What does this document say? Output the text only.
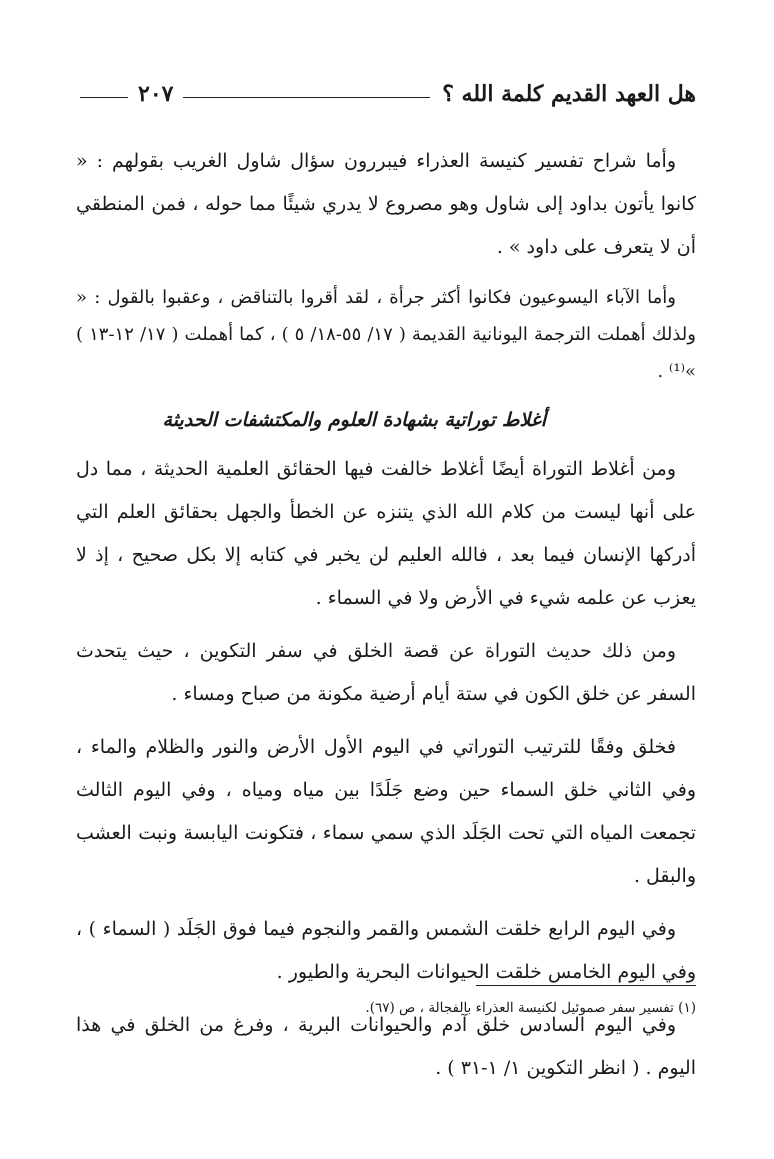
هل العهد القديم كلمة الله ؟
٢٠٧

وأما شراح تفسير كنيسة العذراء فيبررون سؤال شاول الغريب بقولهم : « كانوا يأتون بداود إلى شاول وهو مصروع لا يدري شيئًا مما حوله ، فمن المنطقي أن لا يتعرف على داود » .

وأما الآباء اليسوعيون فكانوا أكثر جرأة ، لقد أقروا بالتناقض ، وعقبوا بالقول : « ولذلك أهملت الترجمة اليونانية القديمة ( ١٧/ ٥٥-١٨/ ٥ ) ، كما أهملت ( ١٧/ ١٢-١٣ ) »⁽¹⁾ .

أغلاط توراتية بشهادة العلوم والمكتشفات الحديثة

ومن أغلاط التوراة أيضًا أغلاط خالفت فيها الحقائق العلمية الحديثة ، مما دل على أنها ليست من كلام الله الذي يتنزه عن الخطأ والجهل بحقائق العلم التي أدركها الإنسان فيما بعد ، فالله العليم لن يخبر في كتابه إلا بكل صحيح ، إذ لا يعزب عن علمه شيء في الأرض ولا في السماء .

ومن ذلك حديث التوراة عن قصة الخلق في سفر التكوين ، حيث يتحدث السفر عن خلق الكون في ستة أيام أرضية مكونة من صباح ومساء .

فخلق وفقًا للترتيب التوراتي في اليوم الأول الأرض والنور والظلام والماء ، وفي الثاني خلق السماء حين وضع جَلَدًا بين مياه ومياه ، وفي اليوم الثالث تجمعت المياه التي تحت الجَلَد الذي سمي سماء ، فتكونت اليابسة ونبت العشب والبقل .

وفي اليوم الرابع خلقت الشمس والقمر والنجوم فيما فوق الجَلَد ( السماء ) ، وفي اليوم الخامس خلقت الحيوانات البحرية والطيور .

وفي اليوم السادس خلق آدم والحيوانات البرية ، وفرغ من الخلق في هذا اليوم . ( انظر التكوين ١/ ١-٣١ ) .

(١) تفسير سفر صموئيل لكنيسة العذراء بالفجالة ، ص (٦٧).
